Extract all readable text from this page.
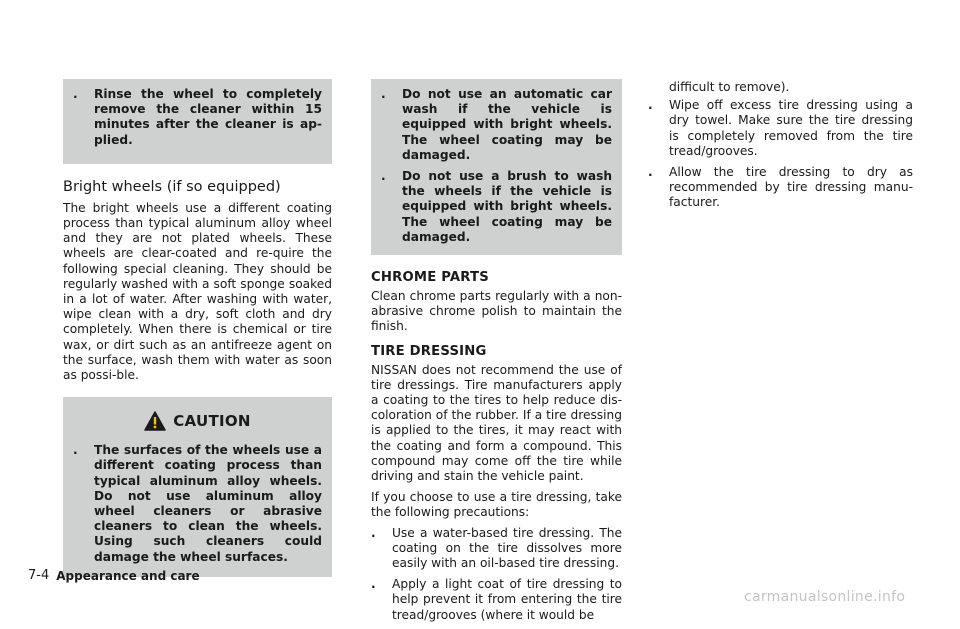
.	Rinse the wheel to completely remove the cleaner within 15 minutes after the cleaner is ap-plied.
Bright wheels (if so equipped)

The bright wheels use a different coating process than typical aluminum alloy wheel and they are not plated wheels. These wheels are clear-coated and re-quire the following special cleaning. They should be regularly washed with a soft sponge soaked in a lot of water. After washing with water, wipe clean with a dry, soft cloth and dry completely. When there is chemical or tire wax, or dirt such as an antifreeze agent on the surface, wash them with water as soon as possi-ble.

CAUTION
.	The surfaces of the wheels use a different coating process than typical aluminum alloy wheels. Do not use aluminum alloy wheel cleaners or abrasive cleaners to clean the wheels. Using such cleaners could damage the wheel surfaces.
.	Do not use an automatic car wash if the vehicle is equipped with bright wheels. The wheel coating may be damaged.
.	Do not use a brush to wash the wheels if the vehicle is equipped with bright wheels. The wheel coating may be damaged.
CHROME PARTS

Clean chrome parts regularly with a non-abrasive chrome polish to maintain the finish.

TIRE DRESSING

NISSAN does not recommend the use of tire dressings. Tire manufacturers apply a coating to the tires to help reduce dis-coloration of the rubber. If a tire dressing is applied to the tires, it may react with the coating and form a compound. This compound may come off the tire while driving and stain the vehicle paint.

If you choose to use a tire dressing, take the following precautions:

.	Use a water-based tire dressing. The coating on the tire dissolves more easily with an oil-based tire dressing.
.	Apply a light coat of tire dressing to help prevent it from entering the tire tread/grooves (where it would be
difficult to remove).
.	Wipe off excess tire dressing using a dry towel. Make sure the tire dressing is completely removed from the tire tread/grooves.
.	Allow the tire dressing to dry as recommended by tire dressing manu-facturer.
7-4 Appearance and care
carmanualsonline.info
